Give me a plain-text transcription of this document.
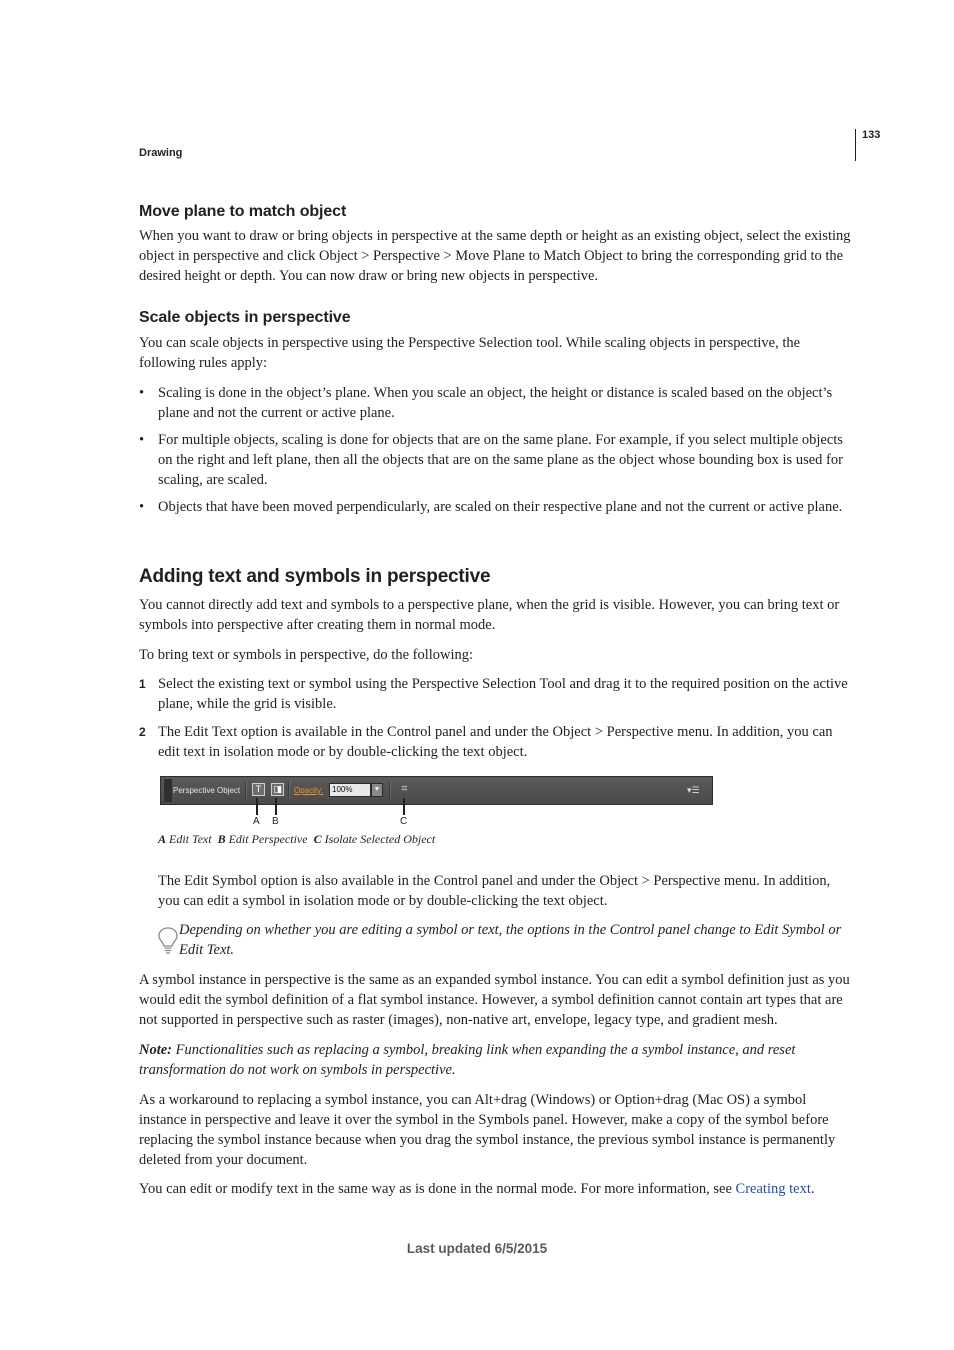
Drawing
133
Move plane to match object

When you want to draw or bring objects in perspective at the same depth or height as an existing object, select the existing object in perspective and click Object > Perspective > Move Plane to Match Object to bring the corresponding grid to the desired height or depth. You can now draw or bring new objects in perspective.

Scale objects in perspective

You can scale objects in perspective using the Perspective Selection tool. While scaling objects in perspective, the following rules apply:

• Scaling is done in the object’s plane. When you scale an object, the height or distance is scaled based on the object’s plane and not the current or active plane.
• For multiple objects, scaling is done for objects that are on the same plane. For example, if you select multiple objects on the right and left plane, then all the objects that are on the same plane as the object whose bounding box is used for scaling, are scaled.
• Objects that have been moved perpendicularly, are scaled on their respective plane and not the current or active plane.
Adding text and symbols in perspective

You cannot directly add text and symbols to a perspective plane, when the grid is visible. However, you can bring text or symbols into perspective after creating them in normal mode.

To bring text or symbols in perspective, do the following:

1 Select the existing text or symbol using the Perspective Selection Tool and drag it to the required position on the active plane, while the grid is visible.
2 The Edit Text option is available in the Control panel and under the Object > Perspective menu. In addition, you can edit text in isolation mode or by double-clicking the text object.
Perspective Object	T	◨ Opacity:	100%	▼	⌗	▾☰
A B	C
A Edit Text B Edit Perspective C Isolate Selected Object

The Edit Symbol option is also available in the Control panel and under the Object > Perspective menu. In addition, you can edit a symbol in isolation mode or by double-clicking the text object.

Depending on whether you are editing a symbol or text, the options in the Control panel change to Edit Symbol or Edit Text.

A symbol instance in perspective is the same as an expanded symbol instance. You can edit a symbol definition just as you would edit the symbol definition of a flat symbol instance. However, a symbol definition cannot contain art types that are not supported in perspective such as raster (images), non-native art, envelope, legacy type, and gradient mesh.

Note: Functionalities such as replacing a symbol, breaking link when expanding the a symbol instance, and reset transformation do not work on symbols in perspective.

As a workaround to replacing a symbol instance, you can Alt+drag (Windows) or Option+drag (Mac OS) a symbol instance in perspective and leave it over the symbol in the Symbols panel. However, make a copy of the symbol before replacing the symbol instance because when you drag the symbol instance, the previous symbol instance is permanently deleted from your document.

You can edit or modify text in the same way as is done in the normal mode. For more information, see Creating text.

Last updated 6/5/2015
